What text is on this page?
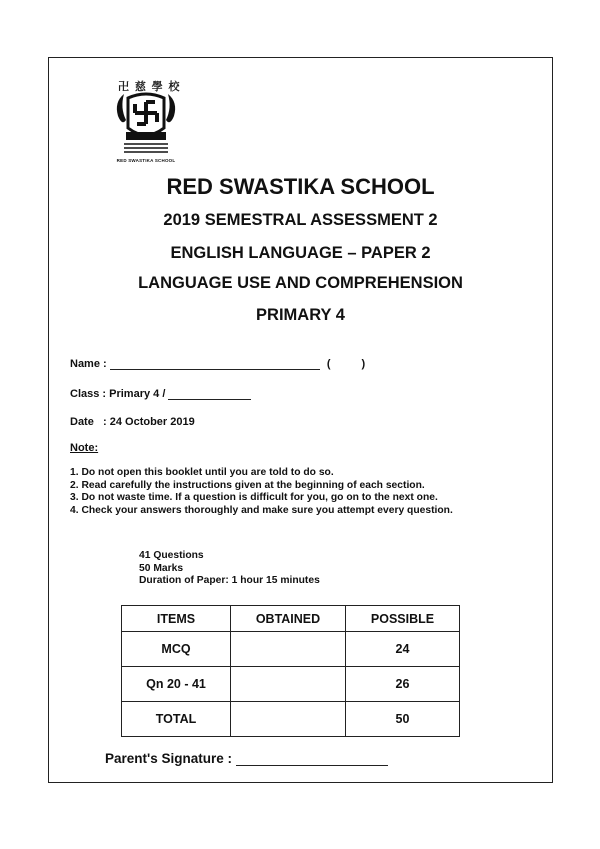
卍 慈 學 校
RED SWASTIKA SCHOOL
RED SWASTIKA SCHOOL
2019 SEMESTRAL ASSESSMENT 2
ENGLISH LANGUAGE – PAPER 2
LANGUAGE USE AND COMPREHENSION
PRIMARY 4
Name :	(	)
Class : Primary 4 /
Date   : 24 October 2019
Note:
1. Do not open this booklet until you are told to do so.
2. Read carefully the instructions given at the beginning of each section.
3. Do not waste time. If a question is difficult for you, go on to the next one.
4. Check your answers thoroughly and make sure you attempt every question.
41 Questions
50 Marks
Duration of Paper: 1 hour 15 minutes
ITEMS	OBTAINED	POSSIBLE
MCQ		24
Qn 20 - 41		26
TOTAL		50
Parent's Signature :
